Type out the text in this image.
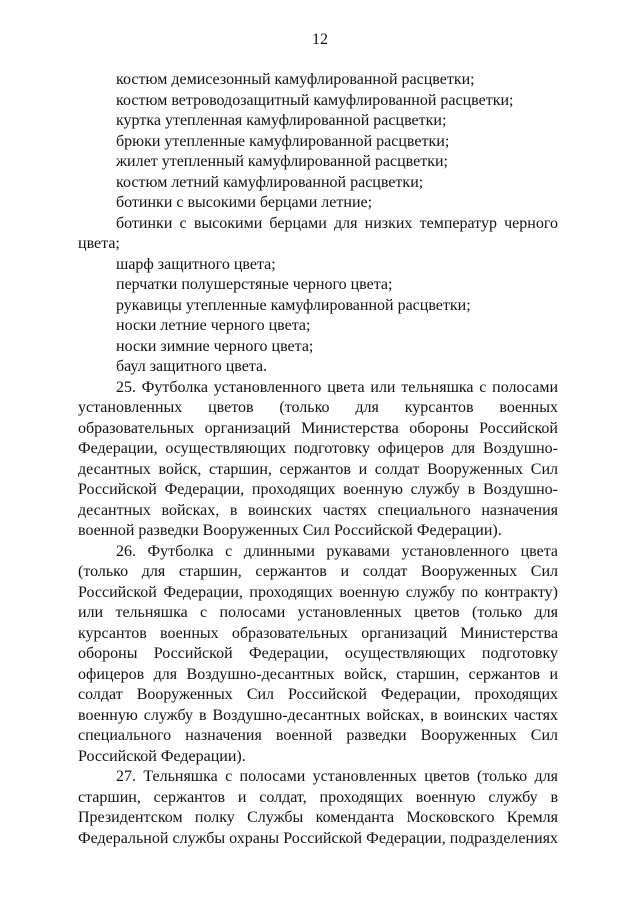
12
костюм демисезонный камуфлированной расцветки;
костюм ветроводозащитный камуфлированной расцветки;
куртка утепленная камуфлированной расцветки;
брюки утепленные камуфлированной расцветки;
жилет утепленный камуфлированной расцветки;
костюм летний камуфлированной расцветки;
ботинки с высокими берцами летние;
ботинки с высокими берцами для низких температур черного
цвета;
шарф защитного цвета;
перчатки полушерстяные черного цвета;
рукавицы утепленные камуфлированной расцветки;
носки летние черного цвета;
носки зимние черного цвета;
баул защитного цвета.
25. Футболка установленного цвета или тельняшка с полосами
установленных цветов (только для курсантов военных
образовательных организаций Министерства обороны Российской
Федерации, осуществляющих подготовку офицеров для Воздушно-
десантных войск, старшин, сержантов и солдат Вооруженных Сил
Российской Федерации, проходящих военную службу в Воздушно-
десантных войсках, в воинских частях специального назначения
военной разведки Вооруженных Сил Российской Федерации).
26. Футболка с длинными рукавами установленного цвета
(только для старшин, сержантов и солдат Вооруженных Сил
Российской Федерации, проходящих военную службу по контракту)
или тельняшка с полосами установленных цветов (только для
курсантов военных образовательных организаций Министерства
обороны Российской Федерации, осуществляющих подготовку
офицеров для Воздушно-десантных войск, старшин, сержантов и
солдат Вооруженных Сил Российской Федерации, проходящих
военную службу в Воздушно-десантных войсках, в воинских частях
специального назначения военной разведки Вооруженных Сил
Российской Федерации).
27. Тельняшка с полосами установленных цветов (только для
старшин, сержантов и солдат, проходящих военную службу в
Президентском полку Службы коменданта Московского Кремля
Федеральной службы охраны Российской Федерации, подразделениях
